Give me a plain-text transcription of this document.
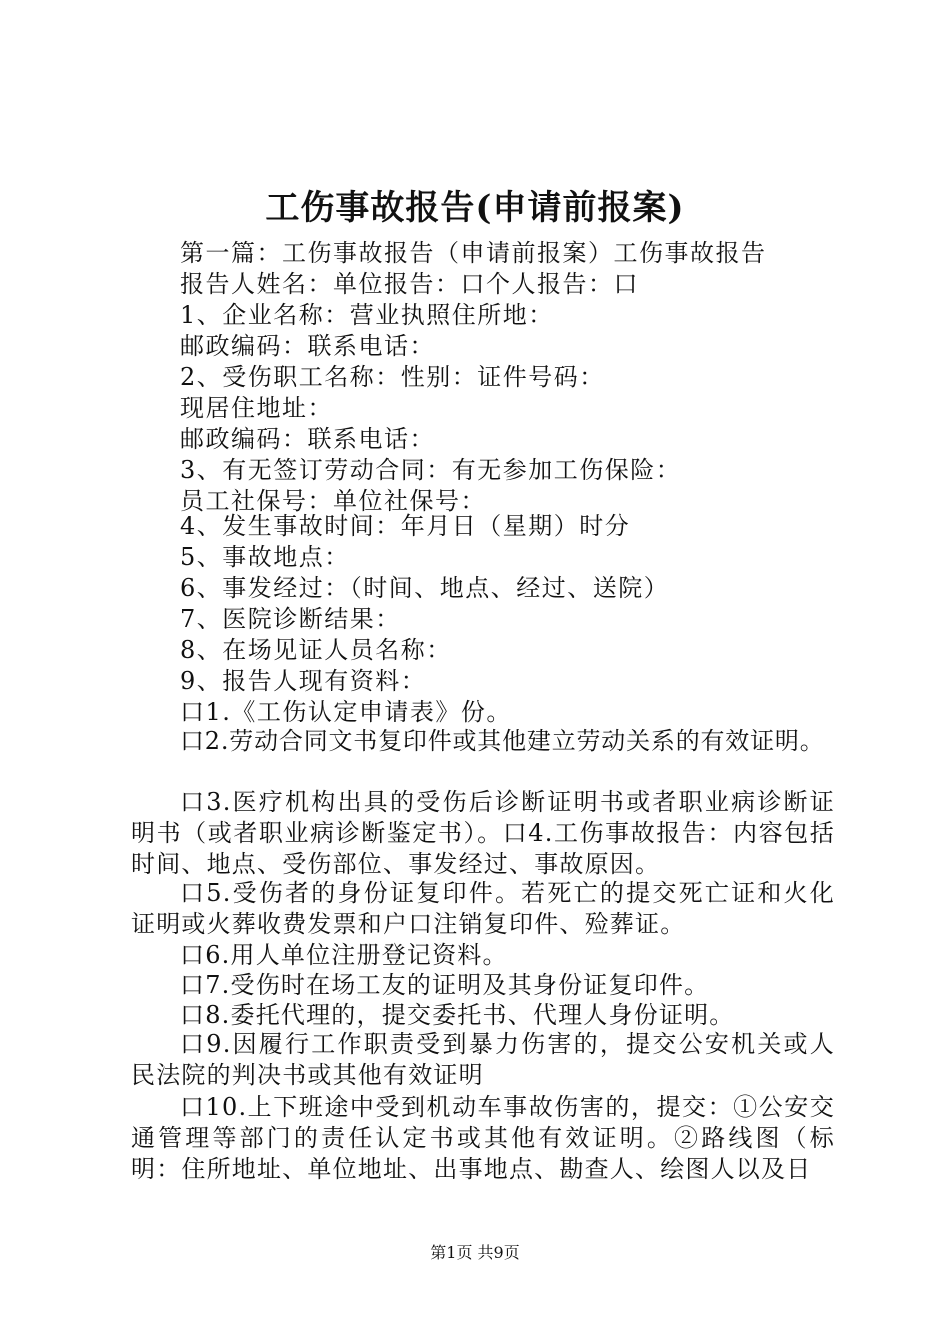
工伤事故报告(申请前报案)
第一篇：工伤事故报告（申请前报案）工伤事故报告
报告人姓名：单位报告：口个人报告：口
1、企业名称：营业执照住所地：
邮政编码：联系电话：
2、受伤职工名称：性别：证件号码：
现居住地址：
邮政编码：联系电话：
3、有无签订劳动合同：有无参加工伤保险：
员工社保号：单位社保号：
4、发生事故时间：年月日（星期）时分
5、事故地点：
6、事发经过：（时间、地点、经过、送院）
7、医院诊断结果：
8、在场见证人员名称：
9、报告人现有资料：
口1.《工伤认定申请表》份。
口2.劳动合同文书复印件或其他建立劳动关系的有效证明。
口3.医疗机构出具的受伤后诊断证明书或者职业病诊断证明书（或者职业病诊断鉴定书）。口4.工伤事故报告：内容包括时间、地点、受伤部位、事发经过、事故原因。
口5.受伤者的身份证复印件。若死亡的提交死亡证和火化证明或火葬收费发票和户口注销复印件、殓葬证。
口6.用人单位注册登记资料。
口7.受伤时在场工友的证明及其身份证复印件。
口8.委托代理的，提交委托书、代理人身份证明。
口9.因履行工作职责受到暴力伤害的，提交公安机关或人民法院的判决书或其他有效证明
口10.上下班途中受到机动车事故伤害的，提交：①公安交通管理等部门的责任认定书或其他有效证明。②路线图（标明：住所地址、单位地址、出事地点、勘查人、绘图人以及日
第1页 共9页
